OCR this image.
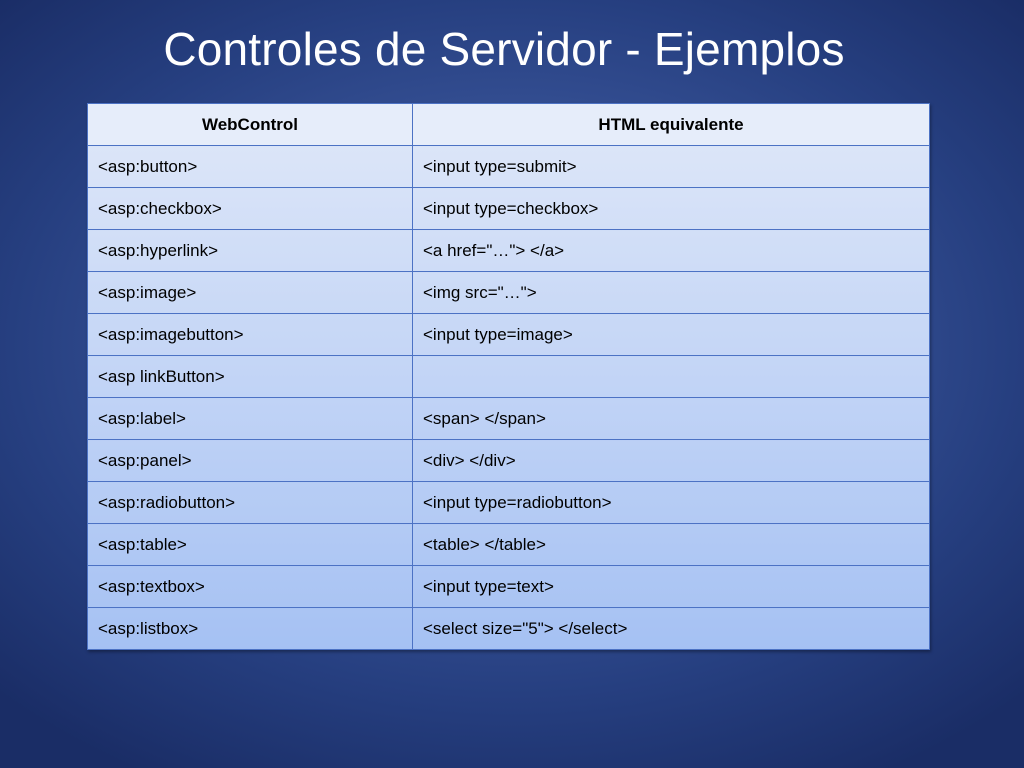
Controles de Servidor - Ejemplos
WebControl	HTML equivalente
<asp:button>	<input type=submit>
<asp:checkbox>	<input type=checkbox>
<asp:hyperlink>	<a href="…"> </a>
<asp:image>	<img src="…">
<asp:imagebutton>	<input type=image>
<asp linkButton>	
<asp:label>	<span> </span>
<asp:panel>	<div> </div>
<asp:radiobutton>	<input type=radiobutton>
<asp:table>	<table> </table>
<asp:textbox>	<input type=text>
<asp:listbox>	<select size="5"> </select>
